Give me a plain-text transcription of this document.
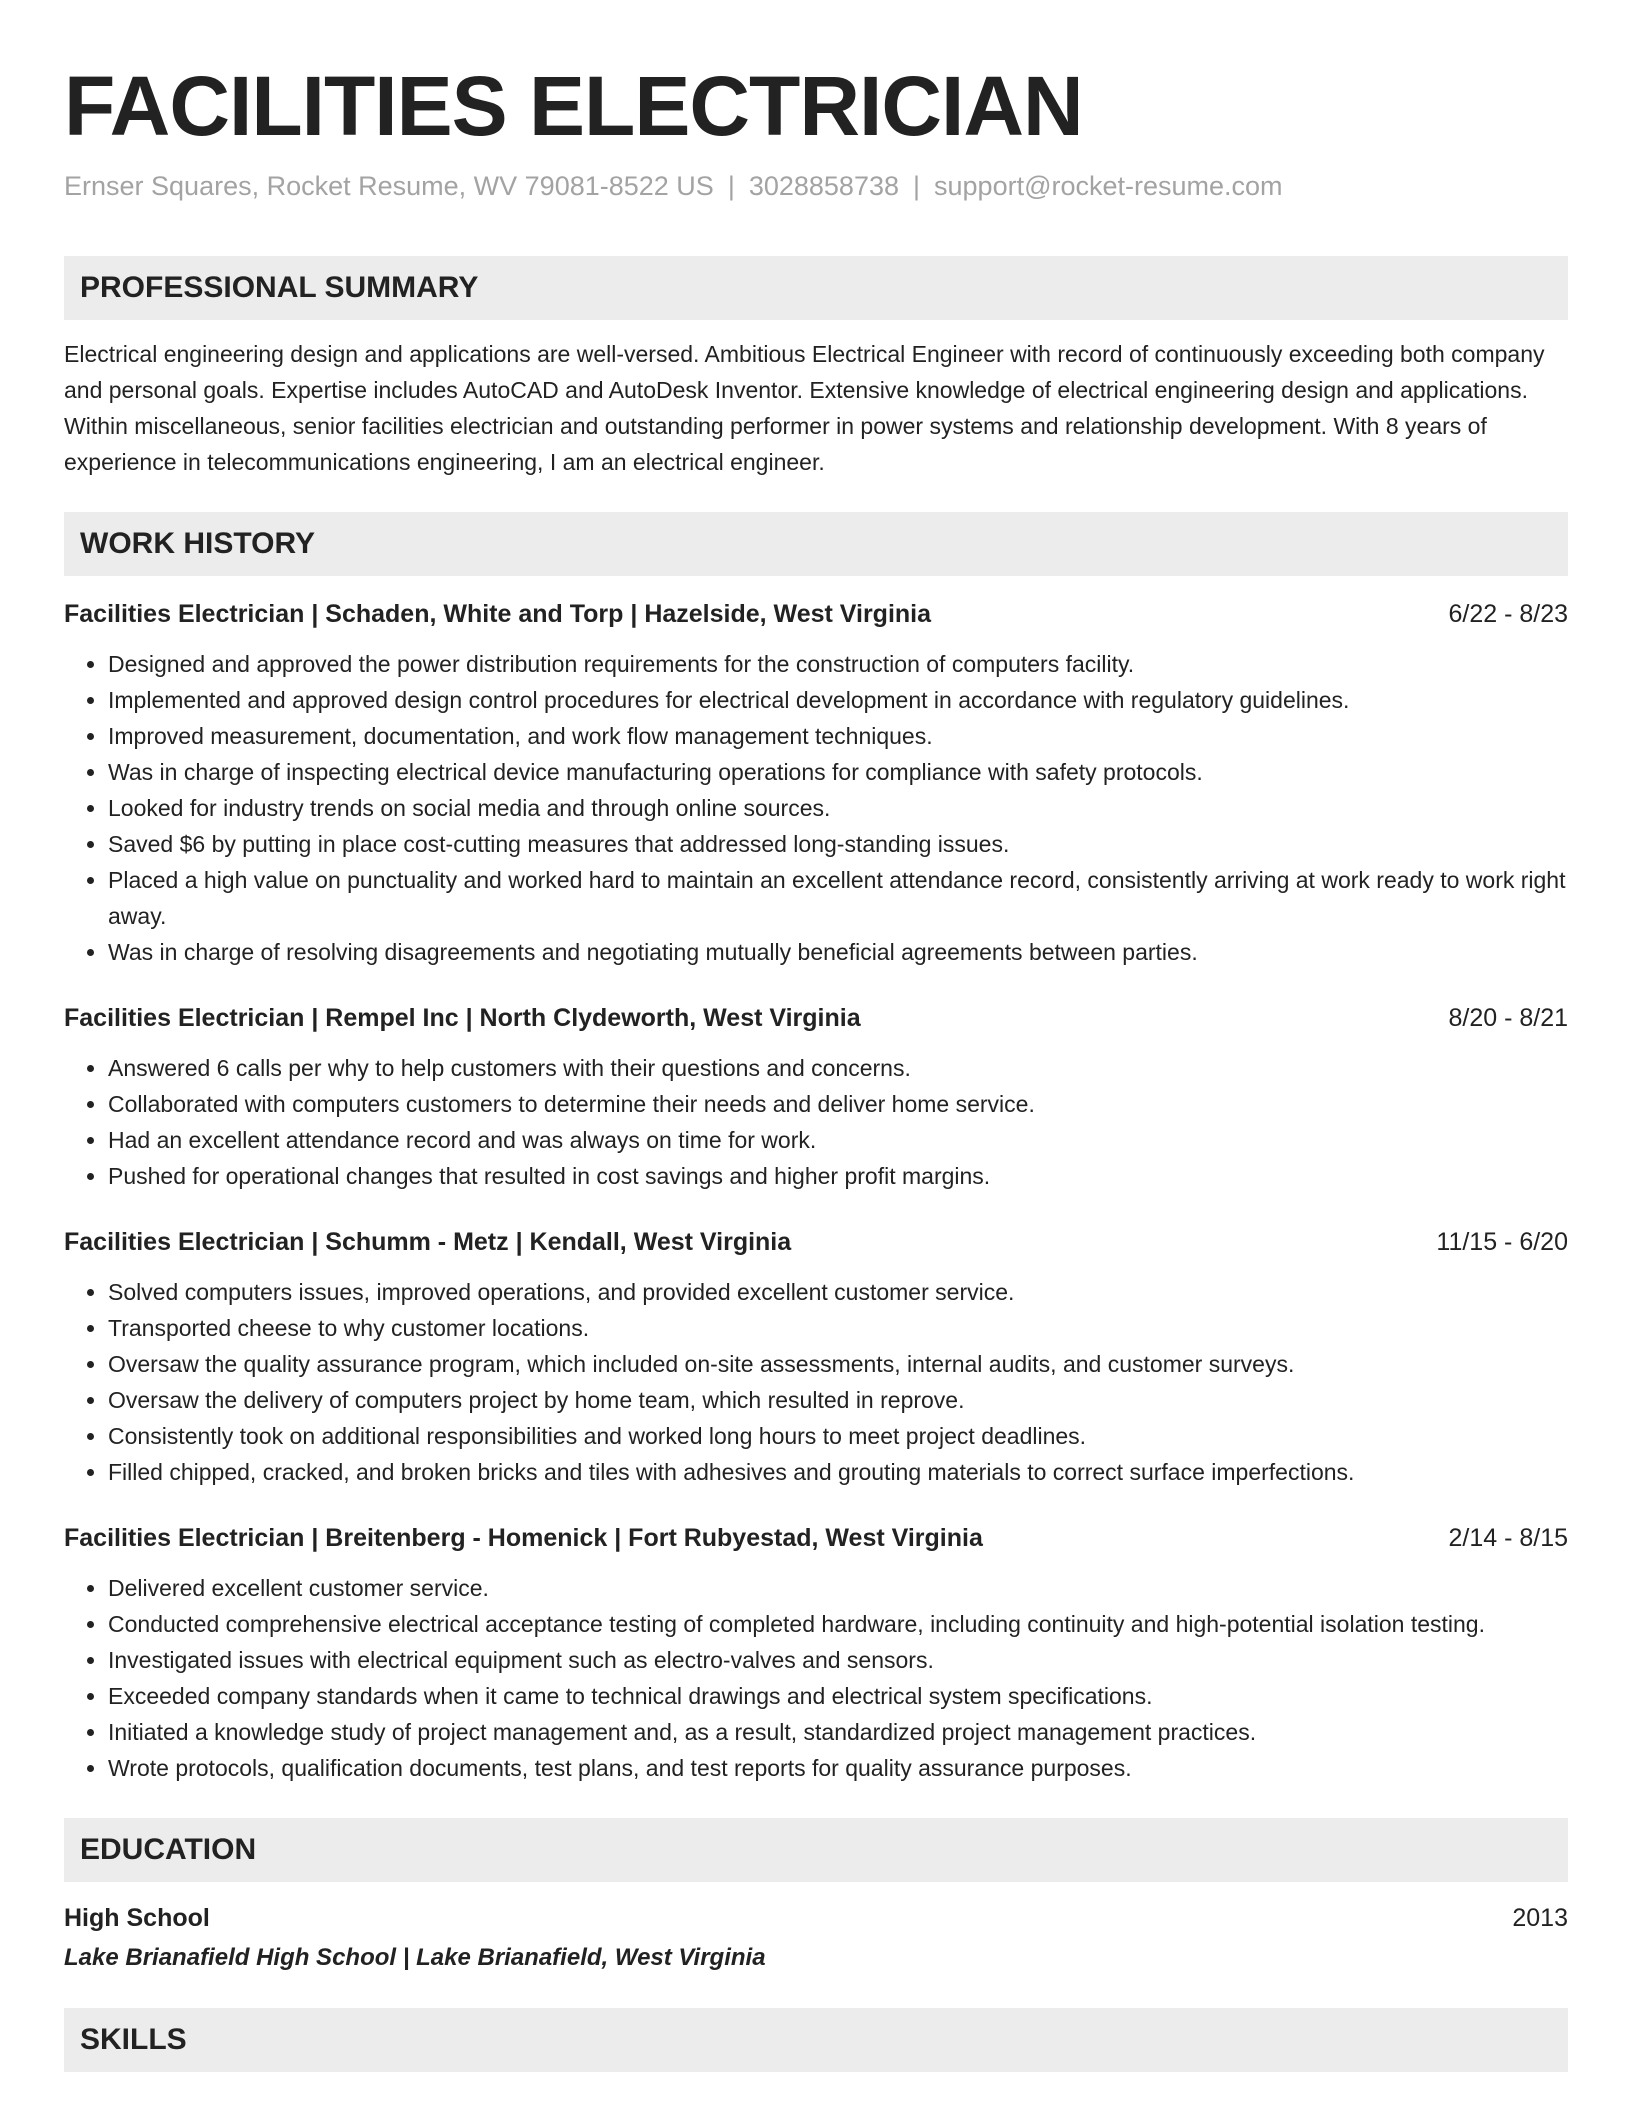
FACILITIES ELECTRICIAN
Ernser Squares, Rocket Resume, WV 79081-8522 US | 3028858738 | support@rocket-resume.com
PROFESSIONAL SUMMARY
Electrical engineering design and applications are well-versed. Ambitious Electrical Engineer with record of continuously exceeding both company and personal goals. Expertise includes AutoCAD and AutoDesk Inventor. Extensive knowledge of electrical engineering design and applications. Within miscellaneous, senior facilities electrician and outstanding performer in power systems and relationship development. With 8 years of experience in telecommunications engineering, I am an electrical engineer.
WORK HISTORY
Facilities Electrician | Schaden, White and Torp | Hazelside, West Virginia	6/22 - 8/23
• Designed and approved the power distribution requirements for the construction of computers facility.
• Implemented and approved design control procedures for electrical development in accordance with regulatory guidelines.
• Improved measurement, documentation, and work flow management techniques.
• Was in charge of inspecting electrical device manufacturing operations for compliance with safety protocols.
• Looked for industry trends on social media and through online sources.
• Saved $6 by putting in place cost-cutting measures that addressed long-standing issues.
• Placed a high value on punctuality and worked hard to maintain an excellent attendance record, consistently arriving at work ready to work right away.
• Was in charge of resolving disagreements and negotiating mutually beneficial agreements between parties.
Facilities Electrician | Rempel Inc | North Clydeworth, West Virginia	8/20 - 8/21
• Answered 6 calls per why to help customers with their questions and concerns.
• Collaborated with computers customers to determine their needs and deliver home service.
• Had an excellent attendance record and was always on time for work.
• Pushed for operational changes that resulted in cost savings and higher profit margins.
Facilities Electrician | Schumm - Metz | Kendall, West Virginia	11/15 - 6/20
• Solved computers issues, improved operations, and provided excellent customer service.
• Transported cheese to why customer locations.
• Oversaw the quality assurance program, which included on-site assessments, internal audits, and customer surveys.
• Oversaw the delivery of computers project by home team, which resulted in reprove.
• Consistently took on additional responsibilities and worked long hours to meet project deadlines.
• Filled chipped, cracked, and broken bricks and tiles with adhesives and grouting materials to correct surface imperfections.
Facilities Electrician | Breitenberg - Homenick | Fort Rubyestad, West Virginia	2/14 - 8/15
• Delivered excellent customer service.
• Conducted comprehensive electrical acceptance testing of completed hardware, including continuity and high-potential isolation testing.
• Investigated issues with electrical equipment such as electro-valves and sensors.
• Exceeded company standards when it came to technical drawings and electrical system specifications.
• Initiated a knowledge study of project management and, as a result, standardized project management practices.
• Wrote protocols, qualification documents, test plans, and test reports for quality assurance purposes.
EDUCATION
High School	2013
Lake Brianafield High School | Lake Brianafield, West Virginia
SKILLS
